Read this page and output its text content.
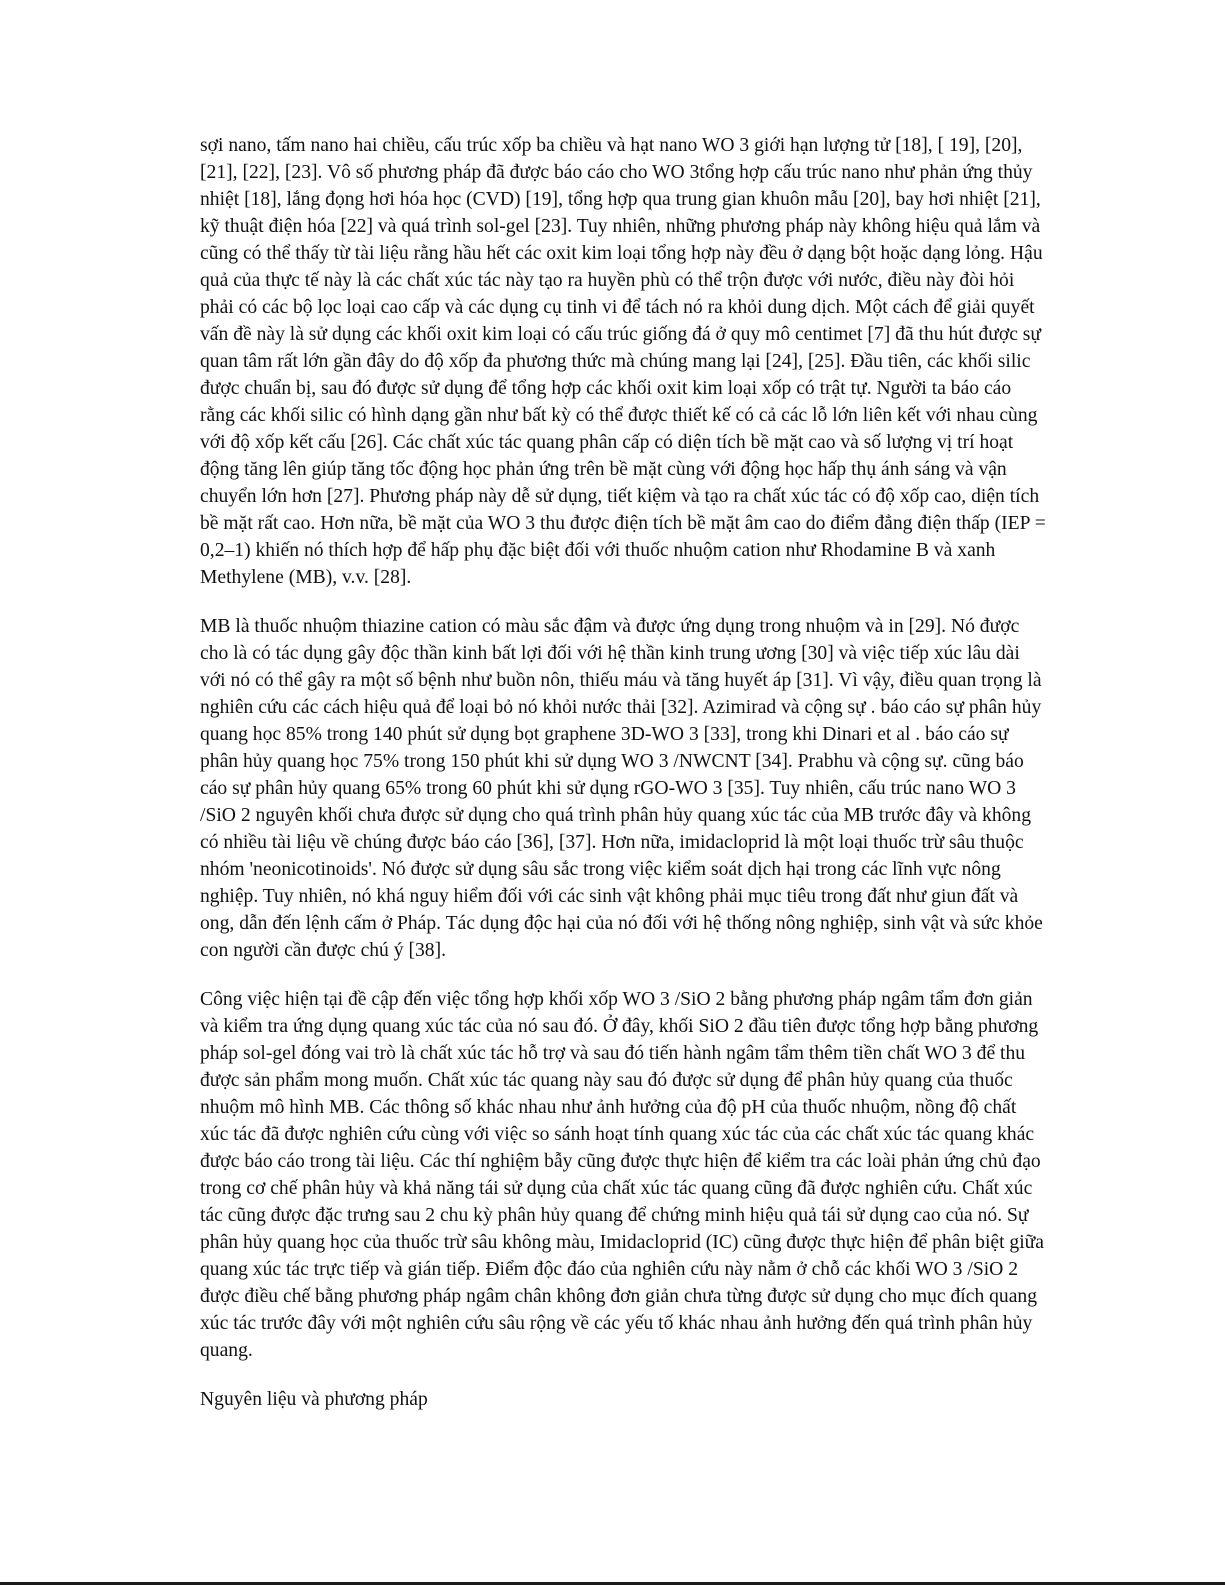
sợi nano, tấm nano hai chiều, cấu trúc xốp ba chiều và hạt nano WO 3 giới hạn lượng tử [18], [ 19], [20], [21], [22], [23]. Vô số phương pháp đã được báo cáo cho WO 3tổng hợp cấu trúc nano như phản ứng thủy nhiệt [18], lắng đọng hơi hóa học (CVD) [19], tổng hợp qua trung gian khuôn mẫu [20], bay hơi nhiệt [21], kỹ thuật điện hóa [22] và quá trình sol-gel [23]. Tuy nhiên, những phương pháp này không hiệu quả lắm và cũng có thể thấy từ tài liệu rằng hầu hết các oxit kim loại tổng hợp này đều ở dạng bột hoặc dạng lỏng. Hậu quả của thực tế này là các chất xúc tác này tạo ra huyền phù có thể trộn được với nước, điều này đòi hỏi phải có các bộ lọc loại cao cấp và các dụng cụ tinh vi để tách nó ra khỏi dung dịch. Một cách để giải quyết vấn đề này là sử dụng các khối oxit kim loại có cấu trúc giống đá ở quy mô centimet [7] đã thu hút được sự quan tâm rất lớn gần đây do độ xốp đa phương thức mà chúng mang lại [24], [25]. Đầu tiên, các khối silic được chuẩn bị, sau đó được sử dụng để tổng hợp các khối oxit kim loại xốp có trật tự. Người ta báo cáo rằng các khối silic có hình dạng gần như bất kỳ có thể được thiết kế có cả các lỗ lớn liên kết với nhau cùng với độ xốp kết cấu [26]. Các chất xúc tác quang phân cấp có diện tích bề mặt cao và số lượng vị trí hoạt động tăng lên giúp tăng tốc động học phản ứng trên bề mặt cùng với động học hấp thụ ánh sáng và vận chuyển lớn hơn [27]. Phương pháp này dễ sử dụng, tiết kiệm và tạo ra chất xúc tác có độ xốp cao, diện tích bề mặt rất cao. Hơn nữa, bề mặt của WO 3 thu được điện tích bề mặt âm cao do điểm đẳng điện thấp (IEP = 0,2–1) khiến nó thích hợp để hấp phụ đặc biệt đối với thuốc nhuộm cation như Rhodamine B và xanh Methylene (MB), v.v. [28].

MB là thuốc nhuộm thiazine cation có màu sắc đậm và được ứng dụng trong nhuộm và in [29]. Nó được cho là có tác dụng gây độc thần kinh bất lợi đối với hệ thần kinh trung ương [30] và việc tiếp xúc lâu dài với nó có thể gây ra một số bệnh như buồn nôn, thiếu máu và tăng huyết áp [31]. Vì vậy, điều quan trọng là nghiên cứu các cách hiệu quả để loại bỏ nó khỏi nước thải [32]. Azimirad và cộng sự . báo cáo sự phân hủy quang học 85% trong 140 phút sử dụng bọt graphene 3D-WO 3 [33], trong khi Dinari et al . báo cáo sự phân hủy quang học 75% trong 150 phút khi sử dụng WO 3 /NWCNT [34]. Prabhu và cộng sự. cũng báo cáo sự phân hủy quang 65% trong 60 phút khi sử dụng rGO-WO 3 [35]. Tuy nhiên, cấu trúc nano WO 3 /SiO 2 nguyên khối chưa được sử dụng cho quá trình phân hủy quang xúc tác của MB trước đây và không có nhiều tài liệu về chúng được báo cáo [36], [37]. Hơn nữa, imidacloprid là một loại thuốc trừ sâu thuộc nhóm 'neonicotinoids'. Nó được sử dụng sâu sắc trong việc kiểm soát dịch hại trong các lĩnh vực nông nghiệp. Tuy nhiên, nó khá nguy hiểm đối với các sinh vật không phải mục tiêu trong đất như giun đất và ong, dẫn đến lệnh cấm ở Pháp. Tác dụng độc hại của nó đối với hệ thống nông nghiệp, sinh vật và sức khỏe con người cần được chú ý [38].

Công việc hiện tại đề cập đến việc tổng hợp khối xốp WO 3 /SiO 2 bằng phương pháp ngâm tẩm đơn giản và kiểm tra ứng dụng quang xúc tác của nó sau đó. Ở đây, khối SiO 2 đầu tiên được tổng hợp bằng phương pháp sol-gel đóng vai trò là chất xúc tác hỗ trợ và sau đó tiến hành ngâm tẩm thêm tiền chất WO 3 để thu được sản phẩm mong muốn. Chất xúc tác quang này sau đó được sử dụng để phân hủy quang của thuốc nhuộm mô hình MB. Các thông số khác nhau như ảnh hưởng của độ pH của thuốc nhuộm, nồng độ chất xúc tác đã được nghiên cứu cùng với việc so sánh hoạt tính quang xúc tác của các chất xúc tác quang khác được báo cáo trong tài liệu. Các thí nghiệm bẫy cũng được thực hiện để kiểm tra các loài phản ứng chủ đạo trong cơ chế phân hủy và khả năng tái sử dụng của chất xúc tác quang cũng đã được nghiên cứu. Chất xúc tác cũng được đặc trưng sau 2 chu kỳ phân hủy quang để chứng minh hiệu quả tái sử dụng cao của nó. Sự phân hủy quang học của thuốc trừ sâu không màu, Imidacloprid (IC) cũng được thực hiện để phân biệt giữa quang xúc tác trực tiếp và gián tiếp. Điểm độc đáo của nghiên cứu này nằm ở chỗ các khối WO 3 /SiO 2 được điều chế bằng phương pháp ngâm chân không đơn giản chưa từng được sử dụng cho mục đích quang xúc tác trước đây với một nghiên cứu sâu rộng về các yếu tố khác nhau ảnh hưởng đến quá trình phân hủy quang.

Nguyên liệu và phương pháp
